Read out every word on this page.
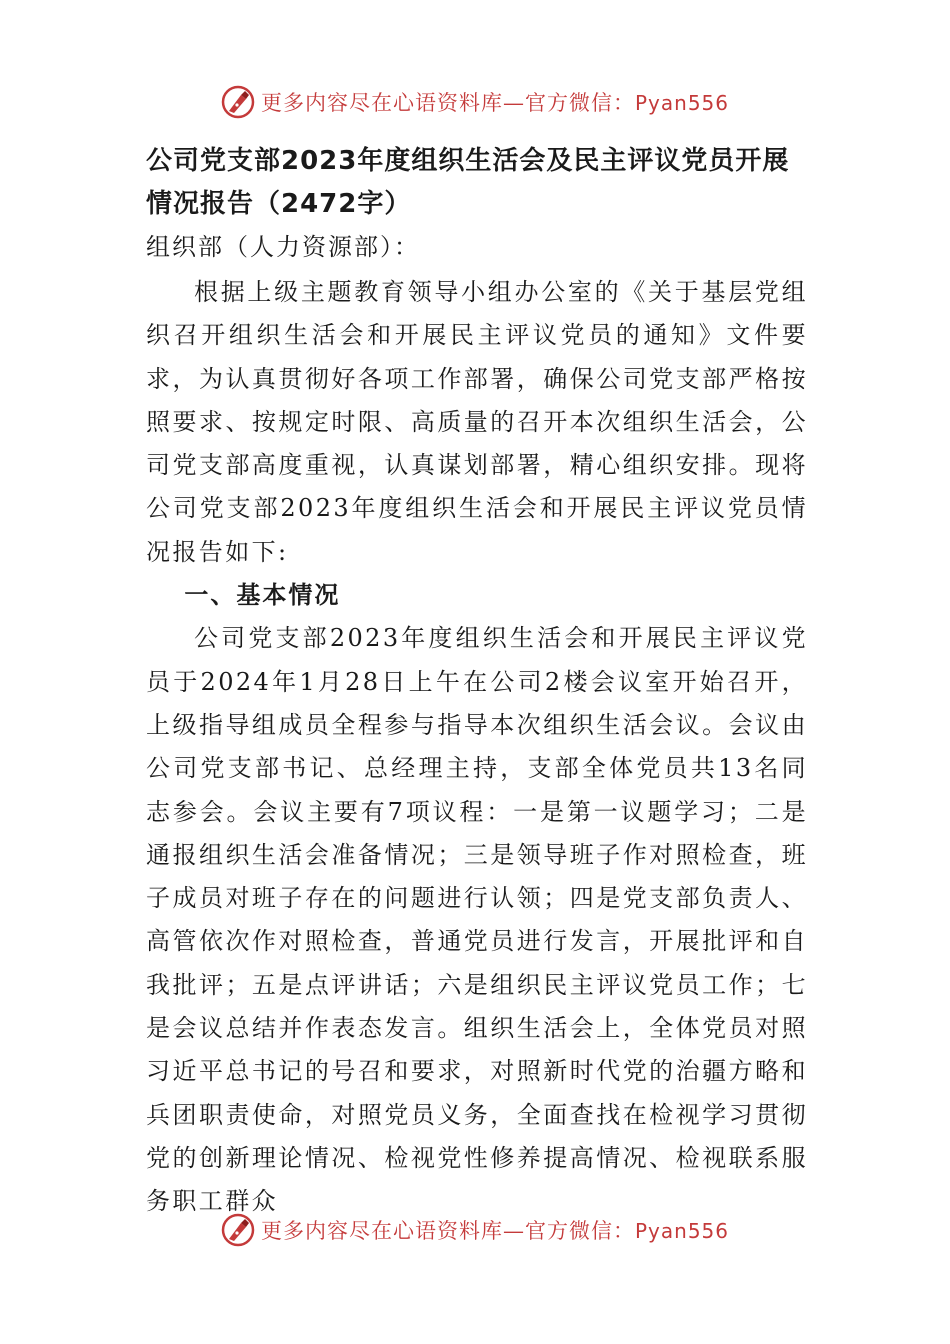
更多内容尽在心语资料库—官方微信：Pyan556
公司党支部2023年度组织生活会及民主评议党员开展情况报告（2472字）
组织部（人力资源部）：

根据上级主题教育领导小组办公室的《关于基层党组织召开组织生活会和开展民主评议党员的通知》文件要求，为认真贯彻好各项工作部署，确保公司党支部严格按照要求、按规定时限、高质量的召开本次组织生活会，公司党支部高度重视，认真谋划部署，精心组织安排。现将公司党支部2023年度组织生活会和开展民主评议党员情况报告如下:

一、基本情况

公司党支部2023年度组织生活会和开展民主评议党员于2024年1月28日上午在公司2楼会议室开始召开，上级指导组成员全程参与指导本次组织生活会议。会议由公司党支部书记、总经理主持，支部全体党员共13名同志参会。会议主要有7项议程：一是第一议题学习；二是通报组织生活会准备情况；三是领导班子作对照检查，班子成员对班子存在的问题进行认领；四是党支部负责人、高管依次作对照检查，普通党员进行发言，开展批评和自我批评；五是点评讲话；六是组织民主评议党员工作；七是会议总结并作表态发言。组织生活会上，全体党员对照习近平总书记的号召和要求，对照新时代党的治疆方略和兵团职责使命，对照党员义务，全面查找在检视学习贯彻党的创新理论情况、检视党性修养提高情况、检视联系服务职工群众

更多内容尽在心语资料库—官方微信：Pyan556
